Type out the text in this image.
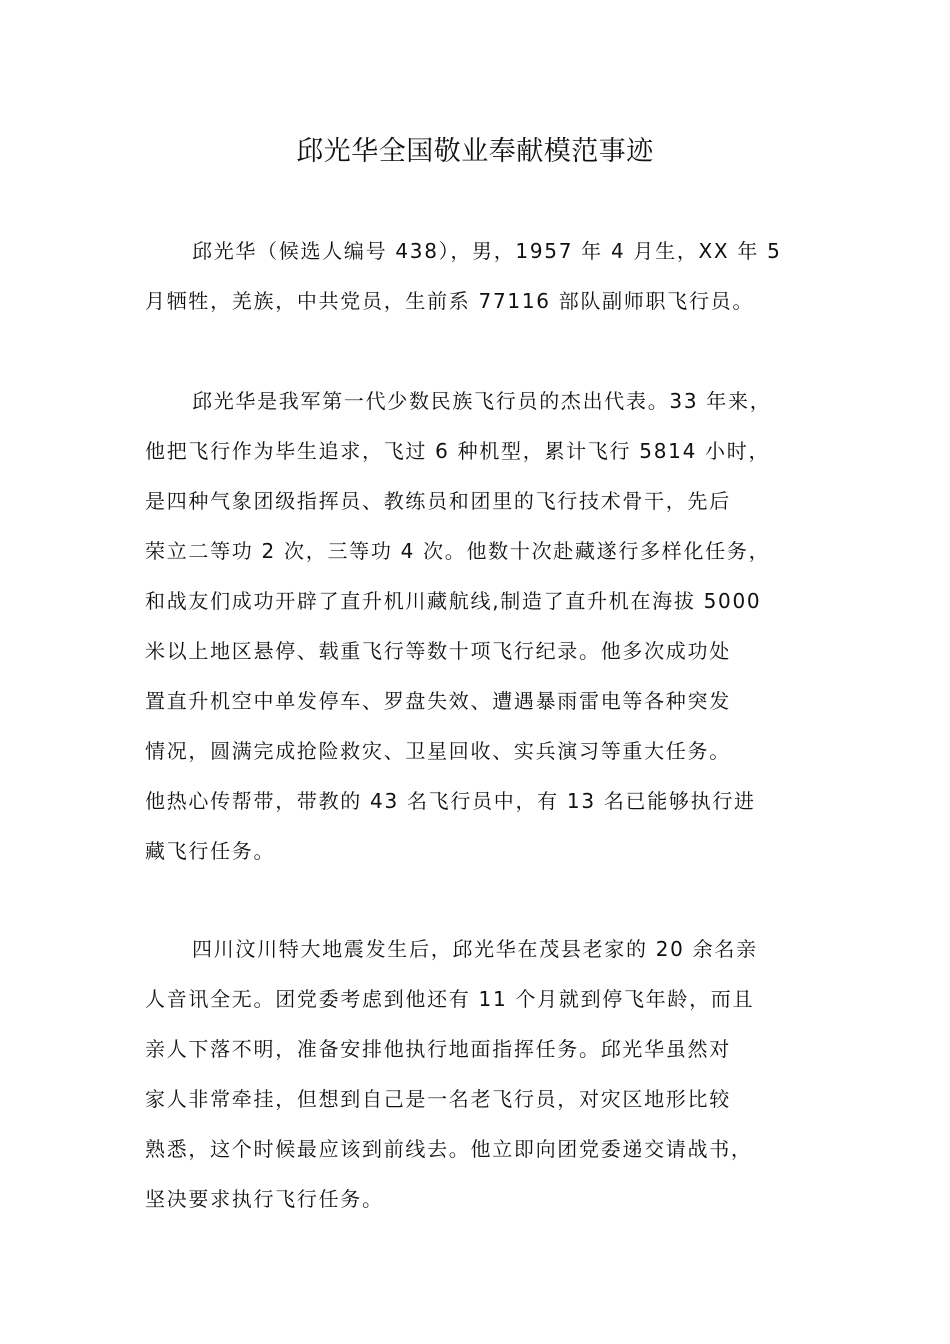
邱光华全国敬业奉献模范事迹
邱光华（候选人编号 438），男，1957 年 4 月生，XX 年 5
月牺牲，羌族，中共党员，生前系 77116 部队副师职飞行员。
邱光华是我军第一代少数民族飞行员的杰出代表。33 年来，
他把飞行作为毕生追求，飞过 6 种机型，累计飞行 5814 小时，
是四种气象团级指挥员、教练员和团里的飞行技术骨干，先后
荣立二等功 2 次，三等功 4 次。他数十次赴藏遂行多样化任务，
和战友们成功开辟了直升机川藏航线,制造了直升机在海拔 5000
米以上地区悬停、载重飞行等数十项飞行纪录。他多次成功处
置直升机空中单发停车、罗盘失效、遭遇暴雨雷电等各种突发
情况，圆满完成抢险救灾、卫星回收、实兵演习等重大任务。
他热心传帮带，带教的 43 名飞行员中，有 13 名已能够执行进
藏飞行任务。
四川汶川特大地震发生后，邱光华在茂县老家的 20 余名亲
人音讯全无。团党委考虑到他还有 11 个月就到停飞年龄，而且
亲人下落不明，准备安排他执行地面指挥任务。邱光华虽然对
家人非常牵挂，但想到自己是一名老飞行员，对灾区地形比较
熟悉，这个时候最应该到前线去。他立即向团党委递交请战书，
坚决要求执行飞行任务。
